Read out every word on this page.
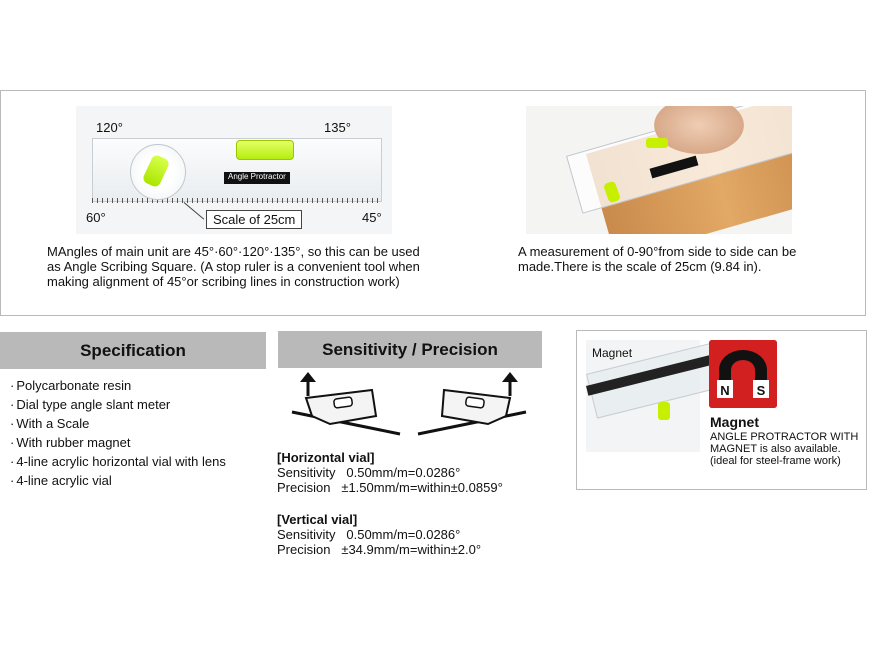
120°	135°
60°	45°
Angle Protractor
Scale of 25cm
MAngles of main unit are 45°·60°·120°·135°, so this can be used as Angle Scribing Square. (A stop ruler is a convenient tool when making alignment of 45°or scribing lines in construction work)
A measurement of 0-90°from side to side can be made.There is the scale of 25cm (9.84 in).
Specification
· Polycarbonate resin
· Dial type angle slant meter
· With a Scale
· With rubber magnet
· 4-line acrylic horizontal vial with lens
· 4-line acrylic vial
Sensitivity / Precision
[Horizontal vial]
Sensitivity 0.50mm/m=0.0286°
Precision ±1.50mm/m=within±0.0859°
[Vertical vial]
Sensitivity 0.50mm/m=0.0286°
Precision ±34.9mm/m=within±2.0°
Magnet
N S
Magnet
ANGLE PROTRACTOR WITH MAGNET is also available. (ideal for steel-frame work)
